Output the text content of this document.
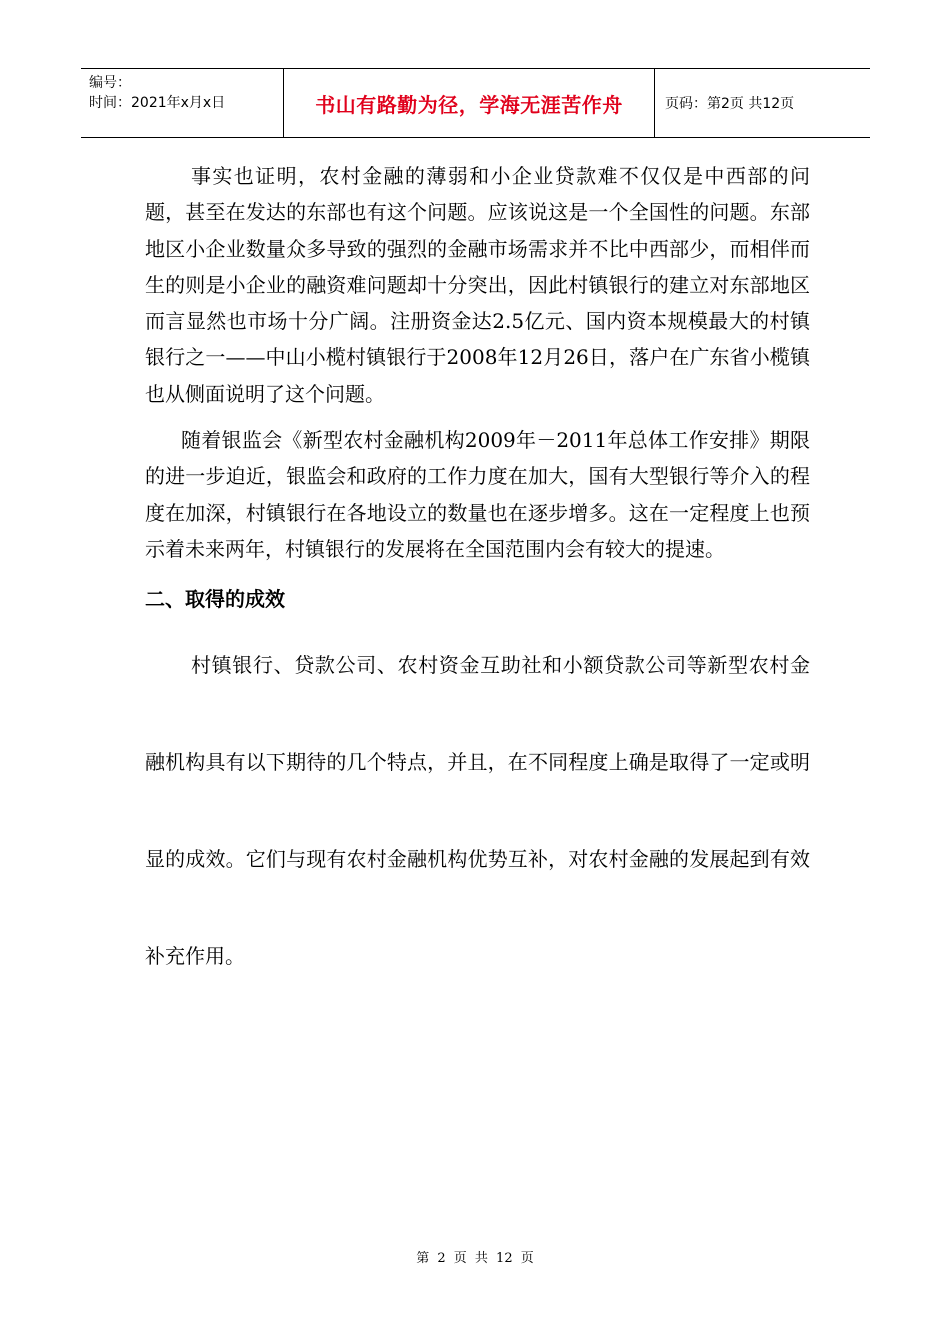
编号：
时间：2021年x月x日	书山有路勤为径，学海无涯苦作舟	页码：第2页 共12页

事实也证明，农村金融的薄弱和小企业贷款难不仅仅是中西部的问题，甚至在发达的东部也有这个问题。应该说这是一个全国性的问题。东部地区小企业数量众多导致的强烈的金融市场需求并不比中西部少，而相伴而生的则是小企业的融资难问题却十分突出，因此村镇银行的建立对东部地区而言显然也市场十分广阔。注册资金达2.5亿元、国内资本规模最大的村镇银行之一——中山小榄村镇银行于2008年12月26日，落户在广东省小榄镇也从侧面说明了这个问题。

随着银监会《新型农村金融机构2009年－2011年总体工作安排》期限的进一步迫近，银监会和政府的工作力度在加大，国有大型银行等介入的程度在加深，村镇银行在各地设立的数量也在逐步增多。这在一定程度上也预示着未来两年，村镇银行的发展将在全国范围内会有较大的提速。

二、取得的成效

村镇银行、贷款公司、农村资金互助社和小额贷款公司等新型农村金融机构具有以下期待的几个特点，并且，在不同程度上确是取得了一定或明显的成效。它们与现有农村金融机构优势互补，对农村金融的发展起到有效补充作用。

第 2 页 共 12 页
